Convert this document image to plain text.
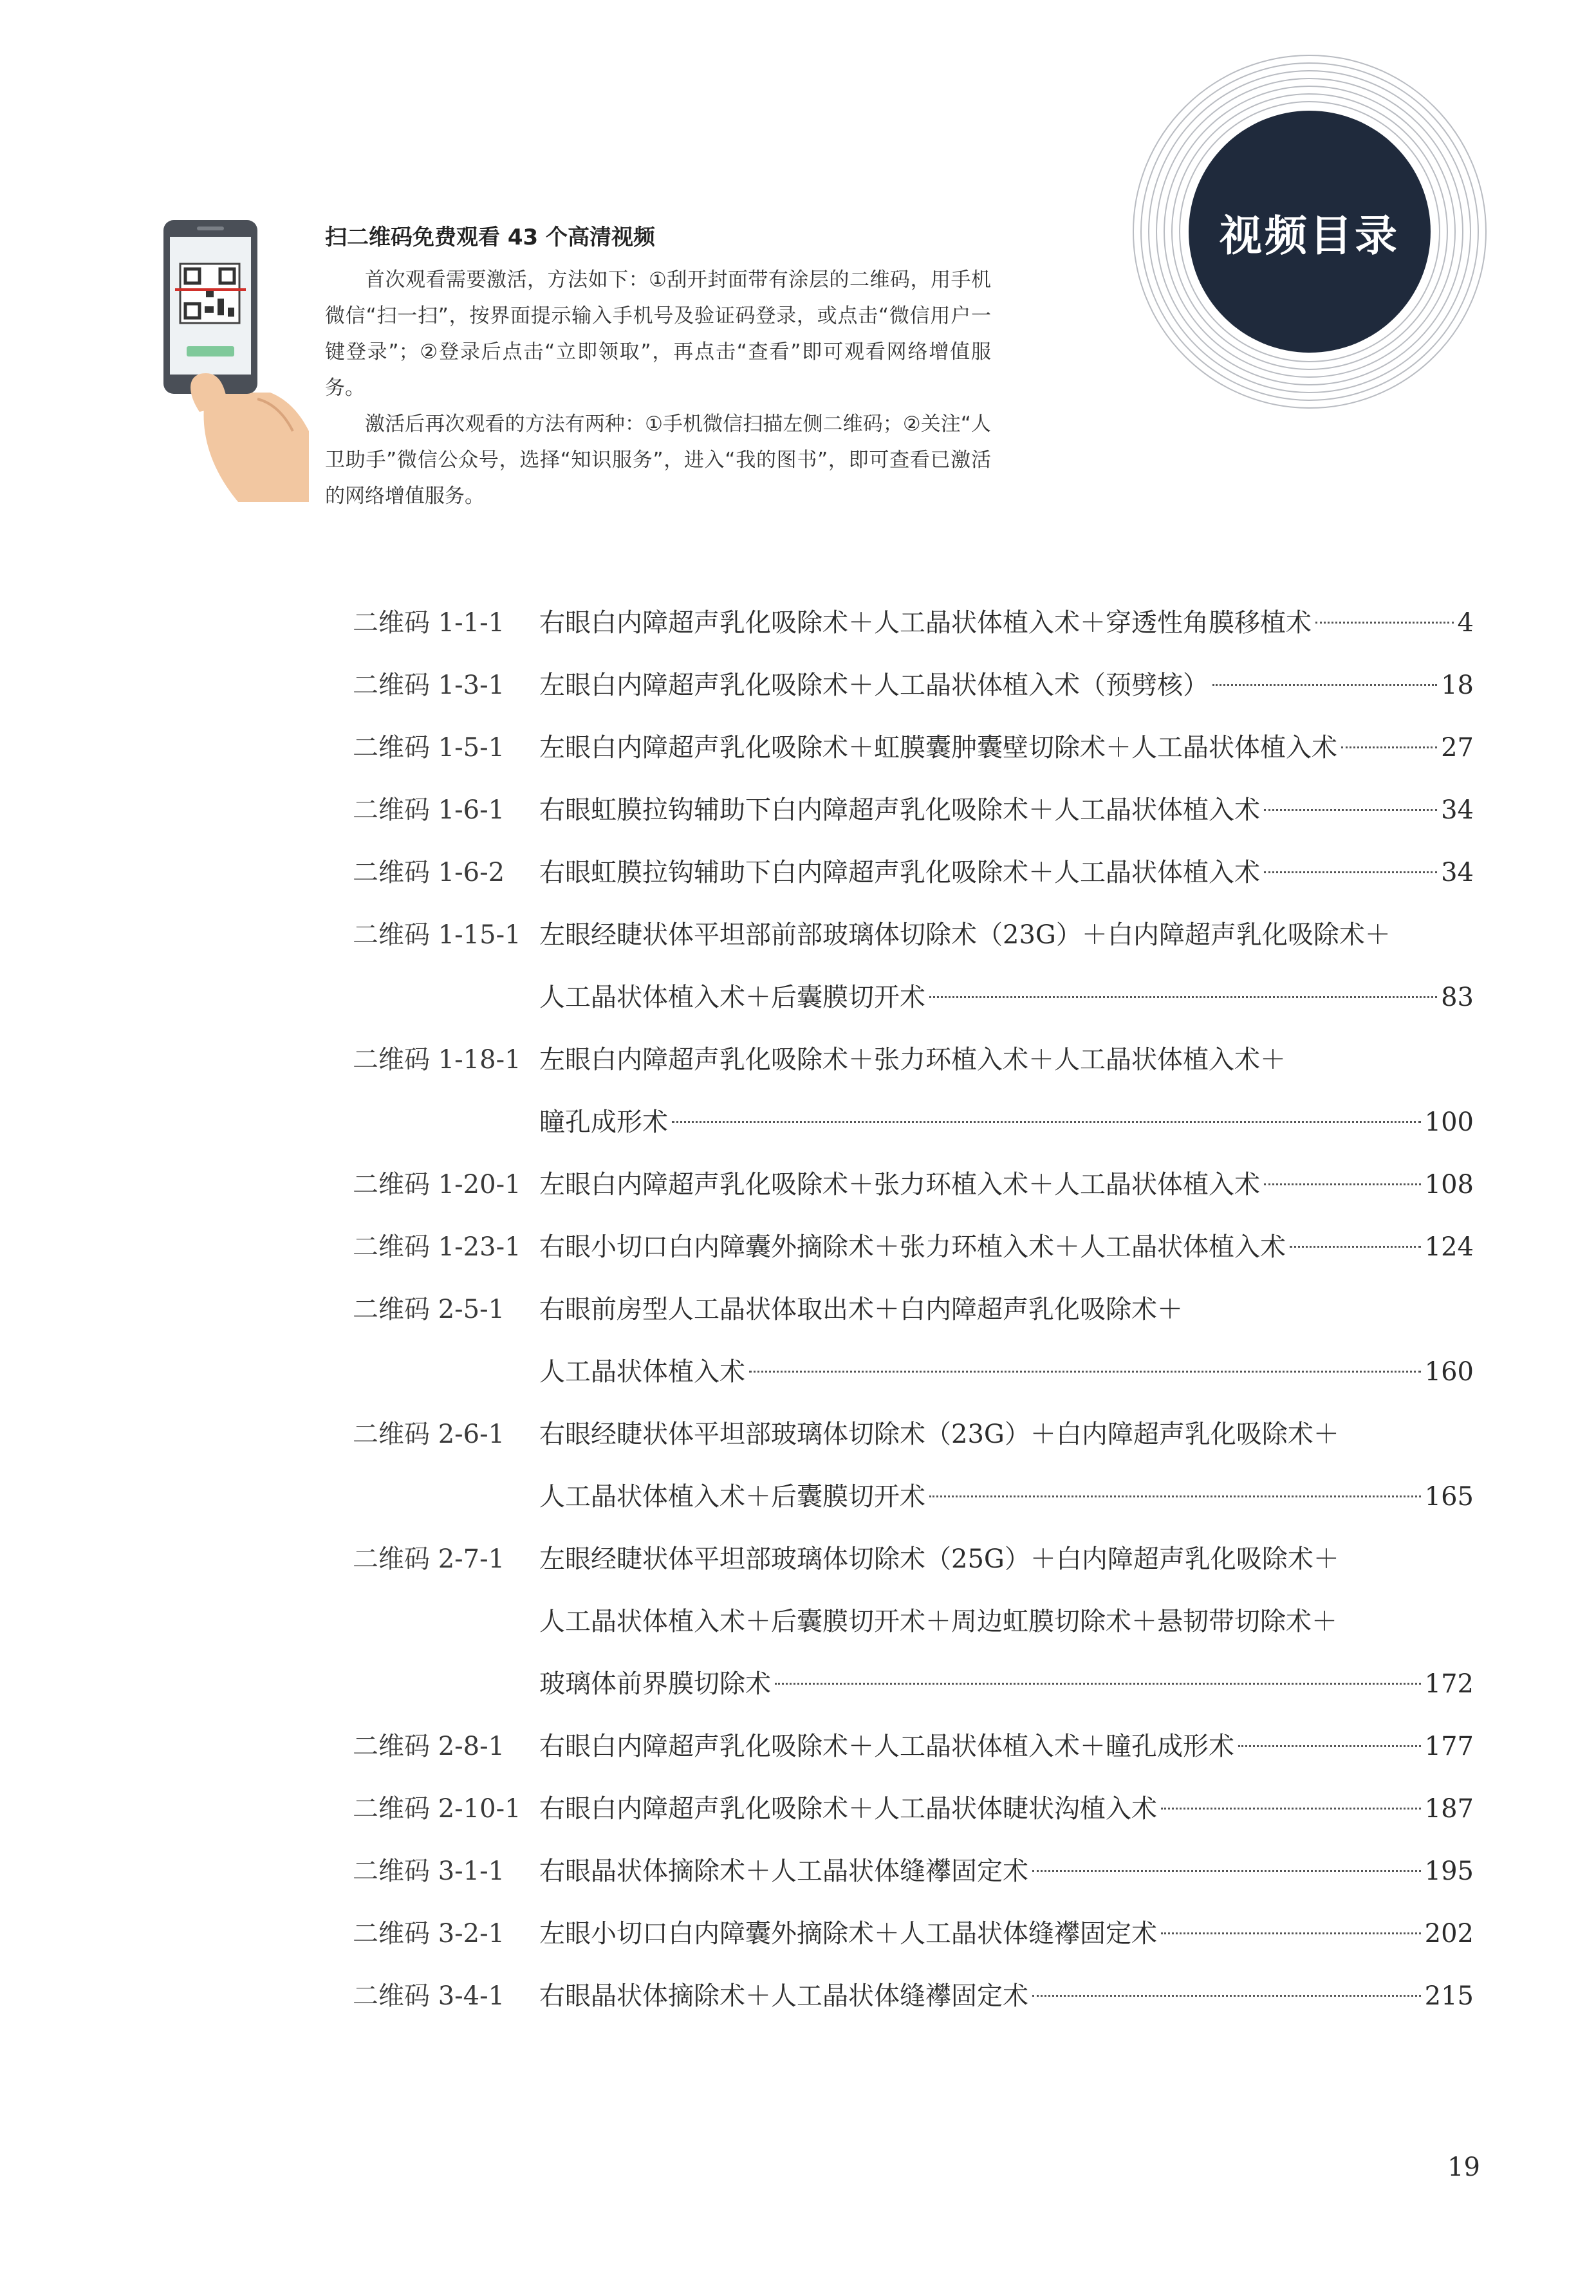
扫二维码免费观看 43 个高清视频

首次观看需要激活，方法如下：①刮开封面带有涂层的二维码，用手机微信“扫一扫”，按界面提示输入手机号及验证码登录，或点击“微信用户一键登录”；②登录后点击“立即领取”，再点击“查看”即可观看网络增值服务。

激活后再次观看的方法有两种：①手机微信扫描左侧二维码；②关注“人卫助手”微信公众号，选择“知识服务”，进入“我的图书”，即可查看已激活的网络增值服务。

视频目录
二维码 1-1-1	右眼白内障超声乳化吸除术＋人工晶状体植入术＋穿透性角膜移植术	4
二维码 1-3-1	左眼白内障超声乳化吸除术＋人工晶状体植入术（预劈核）	18
二维码 1-5-1	左眼白内障超声乳化吸除术＋虹膜囊肿囊壁切除术＋人工晶状体植入术	27
二维码 1-6-1	右眼虹膜拉钩辅助下白内障超声乳化吸除术＋人工晶状体植入术	34
二维码 1-6-2	右眼虹膜拉钩辅助下白内障超声乳化吸除术＋人工晶状体植入术	34
二维码 1-15-1 左眼经睫状体平坦部前部玻璃体切除术（23G）＋白内障超声乳化吸除术＋
人工晶状体植入术＋后囊膜切开术	83
二维码 1-18-1 左眼白内障超声乳化吸除术＋张力环植入术＋人工晶状体植入术＋
瞳孔成形术	100
二维码 1-20-1 左眼白内障超声乳化吸除术＋张力环植入术＋人工晶状体植入术	108
二维码 1-23-1 右眼小切口白内障囊外摘除术＋张力环植入术＋人工晶状体植入术	124
二维码 2-5-1	右眼前房型人工晶状体取出术＋白内障超声乳化吸除术＋
人工晶状体植入术	160
二维码 2-6-1	右眼经睫状体平坦部玻璃体切除术（23G）＋白内障超声乳化吸除术＋
人工晶状体植入术＋后囊膜切开术	165
二维码 2-7-1	左眼经睫状体平坦部玻璃体切除术（25G）＋白内障超声乳化吸除术＋
人工晶状体植入术＋后囊膜切开术＋周边虹膜切除术＋悬韧带切除术＋
玻璃体前界膜切除术	172
二维码 2-8-1	右眼白内障超声乳化吸除术＋人工晶状体植入术＋瞳孔成形术	177
二维码 2-10-1 右眼白内障超声乳化吸除术＋人工晶状体睫状沟植入术	187
二维码 3-1-1	右眼晶状体摘除术＋人工晶状体缝襻固定术	195
二维码 3-2-1	左眼小切口白内障囊外摘除术＋人工晶状体缝襻固定术	202
二维码 3-4-1	右眼晶状体摘除术＋人工晶状体缝襻固定术	215
19
